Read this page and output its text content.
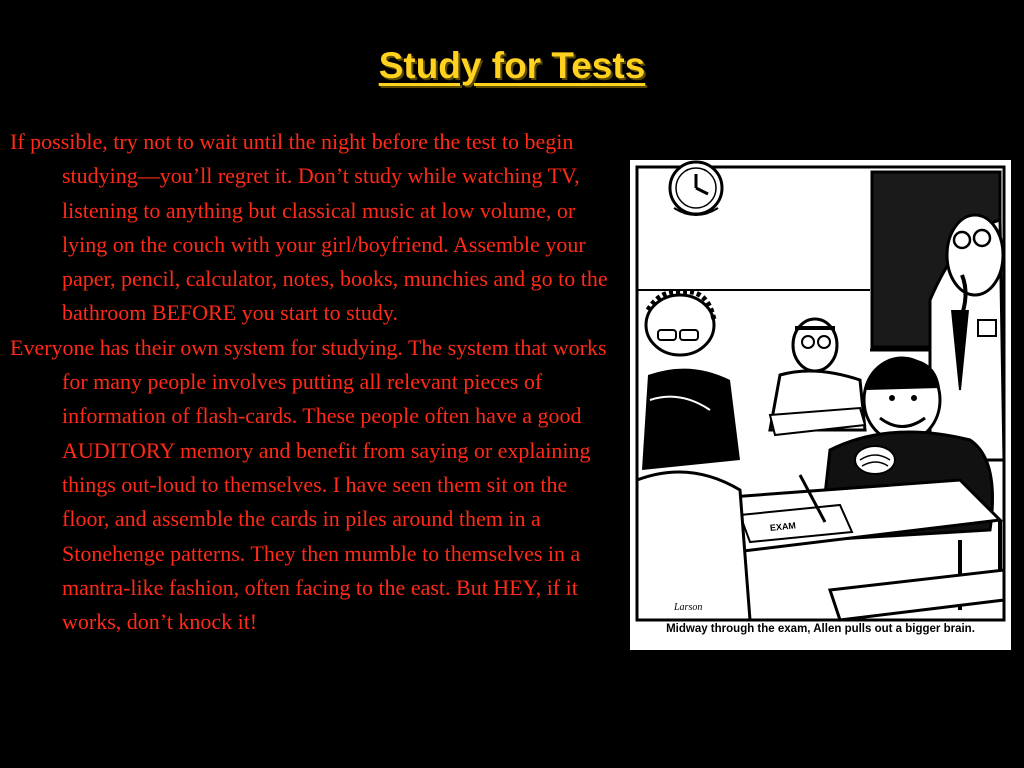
Study for Tests

If possible, try not to wait until the night before the test to begin studying—you’ll regret it. Don’t study while watching TV, listening to anything but classical music at low volume, or lying on the couch with your girl/boyfriend. Assemble your paper, pencil, calculator, notes, books, munchies and go to the bathroom BEFORE you start to study.

Everyone has their own system for studying. The system that works for many people involves putting all relevant pieces of information of flash-cards. These people often have a good AUDITORY memory and benefit from saying or explaining things out-loud to themselves. I have seen them sit on the floor, and assemble the cards in piles around them in a Stonehenge patterns. They then mumble to themselves in a mantra-like fashion, often facing to the east. But HEY, if it works, don’t knock it!

EXAM
Larson
Midway through the exam, Allen pulls out a bigger brain.
